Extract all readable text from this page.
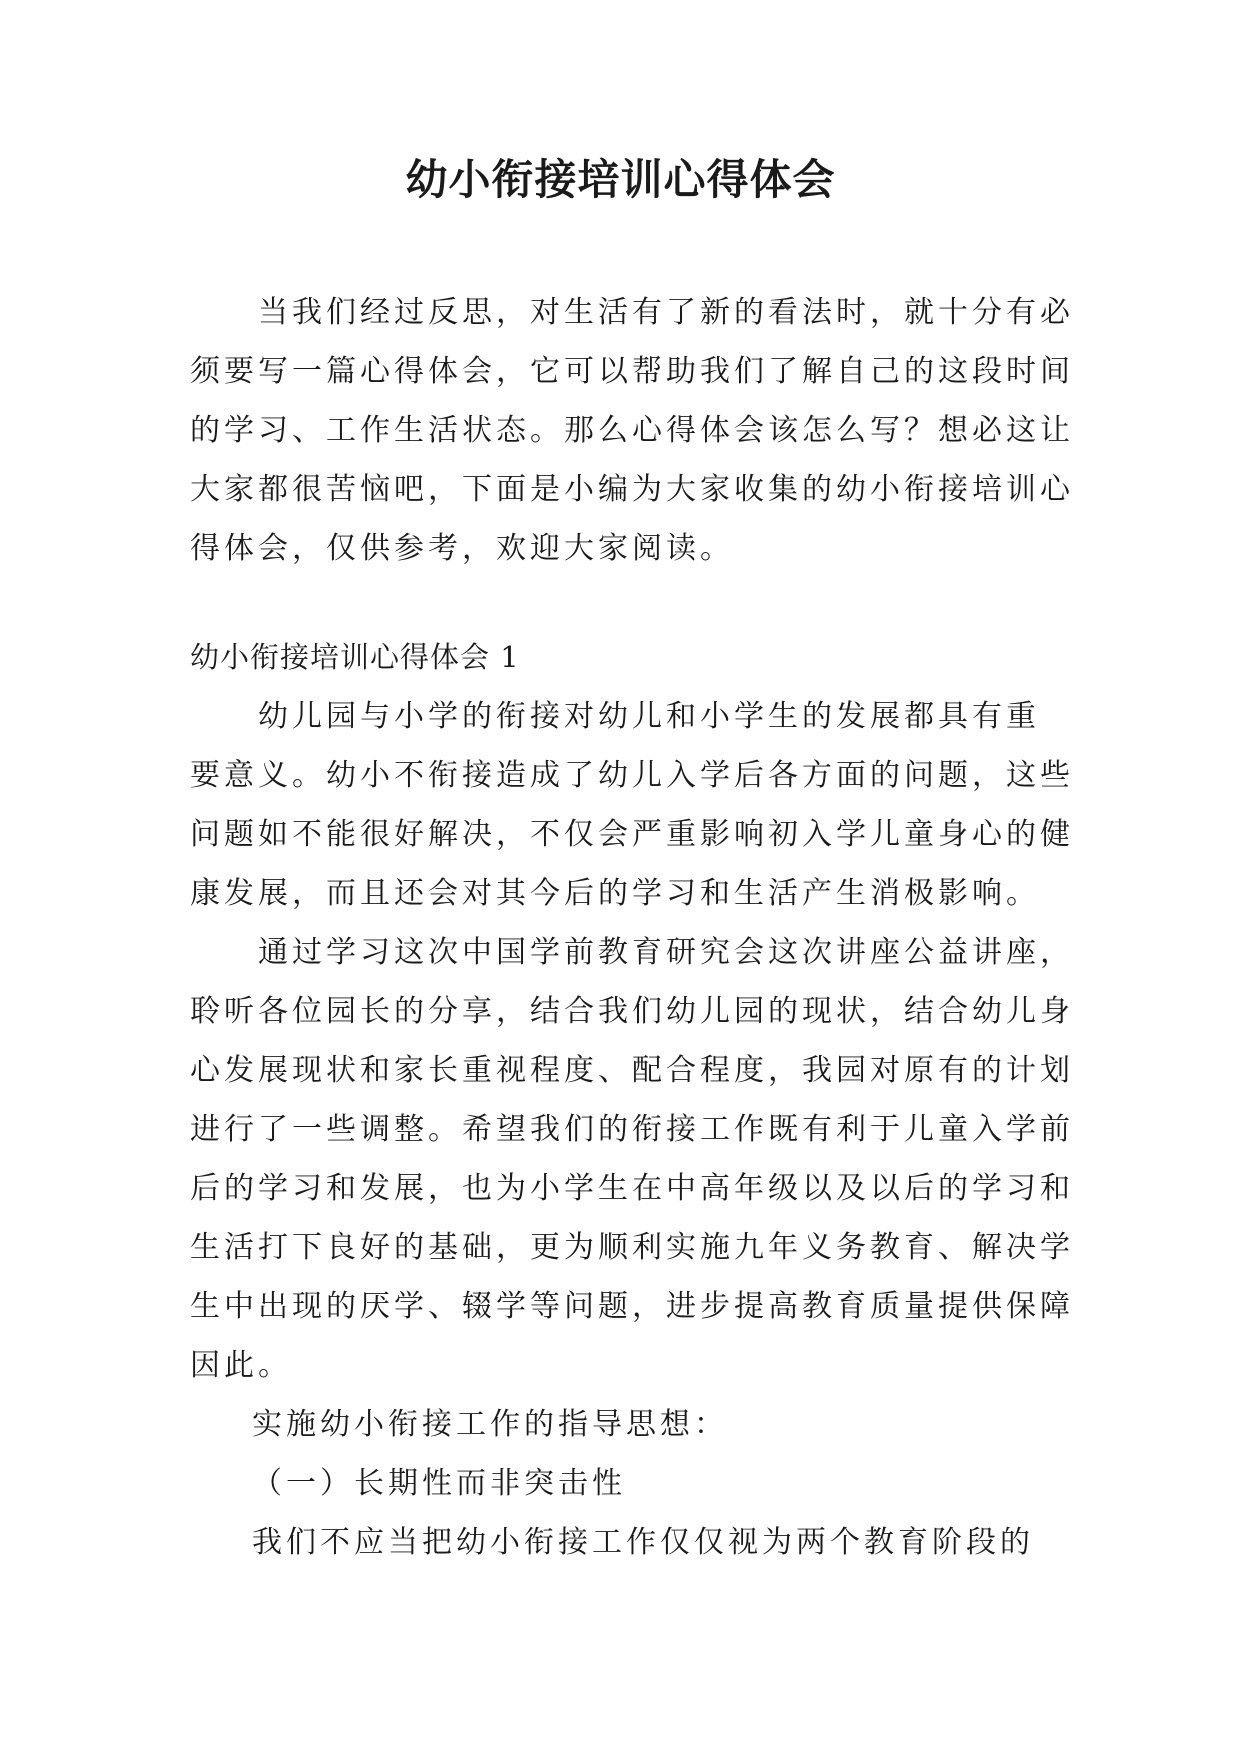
幼小衔接培训心得体会
当我们经过反思，对生活有了新的看法时，就十分有必
须要写一篇心得体会，它可以帮助我们了解自己的这段时间
的学习、工作生活状态。那么心得体会该怎么写？想必这让
大家都很苦恼吧，下面是小编为大家收集的幼小衔接培训心
得体会，仅供参考，欢迎大家阅读。
幼小衔接培训心得体会 1
幼儿园与小学的衔接对幼儿和小学生的发展都具有重
要意义。幼小不衔接造成了幼儿入学后各方面的问题，这些
问题如不能很好解决，不仅会严重影响初入学儿童身心的健
康发展，而且还会对其今后的学习和生活产生消极影响。
通过学习这次中国学前教育研究会这次讲座公益讲座，
聆听各位园长的分享，结合我们幼儿园的现状，结合幼儿身
心发展现状和家长重视程度、配合程度，我园对原有的计划
进行了一些调整。希望我们的衔接工作既有利于儿童入学前
后的学习和发展，也为小学生在中高年级以及以后的学习和
生活打下良好的基础，更为顺利实施九年义务教育、解决学
生中出现的厌学、辍学等问题，进步提高教育质量提供保障
因此。
实施幼小衔接工作的指导思想：
（一）长期性而非突击性
我们不应当把幼小衔接工作仅仅视为两个教育阶段的
